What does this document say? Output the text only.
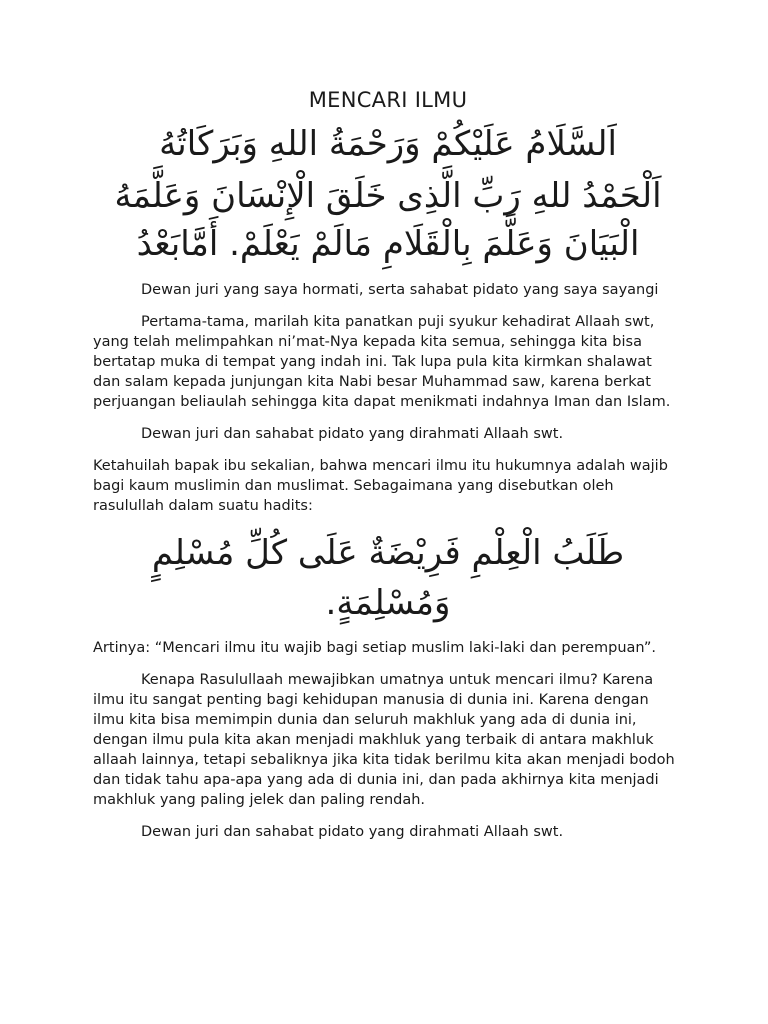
MENCARI ILMU
اَلسَّلَامُ عَلَيْكُمْ وَرَحْمَةُ اللهِ وَبَرَكَاتُهُ
اَلْحَمْدُ للهِ رَبِّ الَّذِى خَلَقَ الْإِنْسَانَ وَعَلَّمَهُ الْبَيَانَ وَعَلَّمَ بِالْقَلَامِ مَالَمْ يَعْلَمْ. أَمَّابَعْدُ

Dewan juri yang saya hormati, serta sahabat pidato yang saya sayangi

Pertama-tama, marilah kita panatkan puji syukur kehadirat Allaah swt, yang telah melimpahkan ni’mat-Nya kepada kita semua, sehingga kita bisa bertatap muka di tempat yang indah ini. Tak lupa pula kita kirmkan shalawat dan salam kepada junjungan kita Nabi besar Muhammad saw, karena berkat perjuangan beliaulah sehingga kita dapat menikmati indahnya Iman dan Islam.

Dewan juri dan sahabat pidato yang dirahmati Allaah swt.

Ketahuilah bapak ibu sekalian, bahwa mencari ilmu itu hukumnya adalah wajib bagi kaum muslimin dan muslimat. Sebagaimana yang disebutkan oleh rasulullah dalam suatu hadits:

طَلَبُ الْعِلْمِ فَرِيْضَةٌ عَلَى كُلِّ مُسْلِمٍ وَمُسْلِمَةٍ.

Artinya: “Mencari ilmu itu wajib bagi setiap muslim laki-laki dan perempuan”.

Kenapa Rasulullaah mewajibkan umatnya untuk mencari ilmu? Karena ilmu itu sangat penting bagi kehidupan manusia di dunia ini. Karena dengan ilmu kita bisa memimpin dunia dan seluruh makhluk yang ada di dunia ini, dengan ilmu pula kita akan menjadi makhluk yang terbaik di antara makhluk allaah lainnya, tetapi sebaliknya jika kita tidak berilmu kita akan menjadi bodoh dan tidak tahu apa-apa yang ada di dunia ini, dan pada akhirnya kita menjadi makhluk yang paling jelek dan paling rendah.

Dewan juri dan sahabat pidato yang dirahmati Allaah swt.
